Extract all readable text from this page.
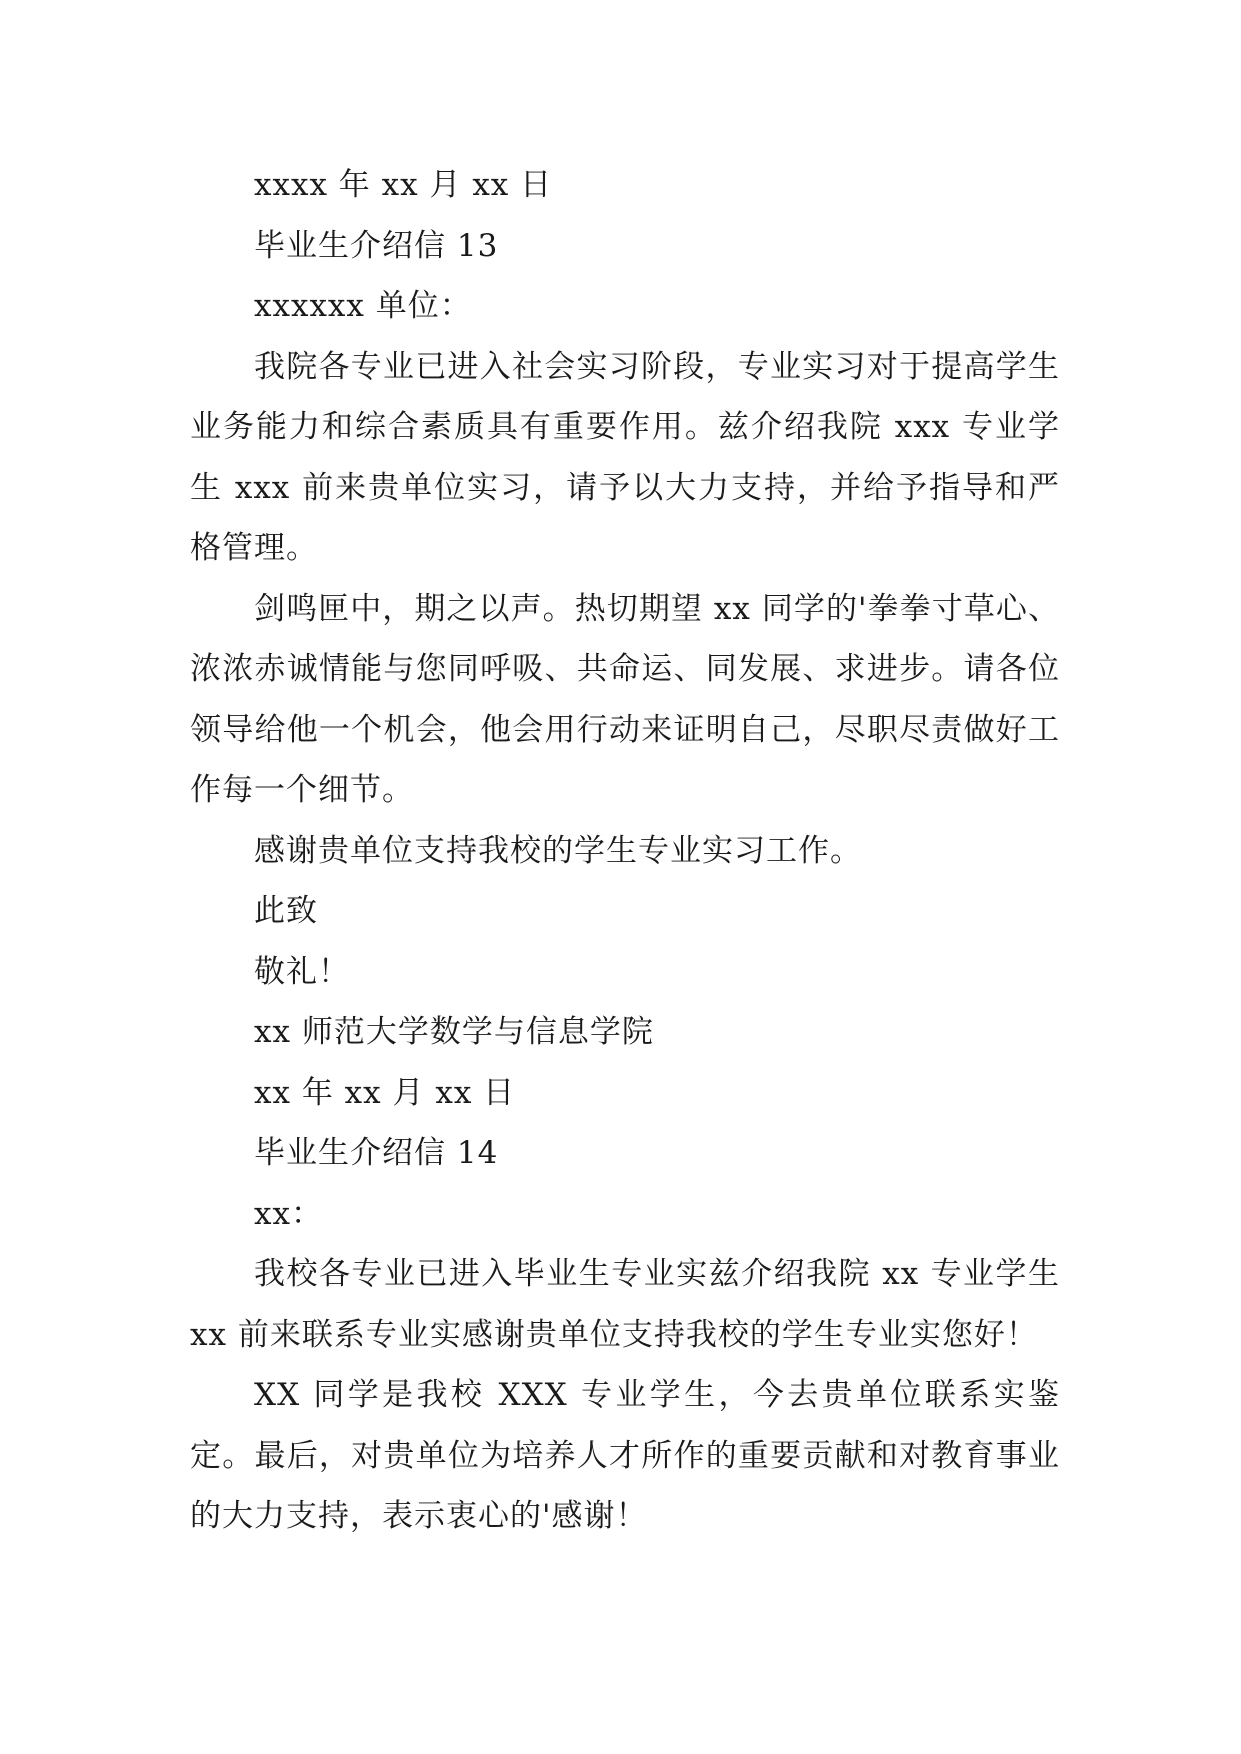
xxxx 年 xx 月 xx 日

毕业生介绍信 13

xxxxxx 单位：

我院各专业已进入社会实习阶段，专业实习对于提高学生业务能力和综合素质具有重要作用。兹介绍我院 xxx 专业学生 xxx 前来贵单位实习，请予以大力支持，并给予指导和严格管理。

剑鸣匣中，期之以声。热切期望 xx 同学的'拳拳寸草心、浓浓赤诚情能与您同呼吸、共命运、同发展、求进步。请各位领导给他一个机会，他会用行动来证明自己，尽职尽责做好工作每一个细节。

感谢贵单位支持我校的学生专业实习工作。

此致

敬礼！

xx 师范大学数学与信息学院

xx 年 xx 月 xx 日

毕业生介绍信 14

xx：

我校各专业已进入毕业生专业实兹介绍我院 xx 专业学生 xx 前来联系专业实感谢贵单位支持我校的学生专业实您好！

XX 同学是我校 XXX 专业学生，今去贵单位联系实鉴定。最后，对贵单位为培养人才所作的重要贡献和对教育事业的大力支持，表示衷心的'感谢！
